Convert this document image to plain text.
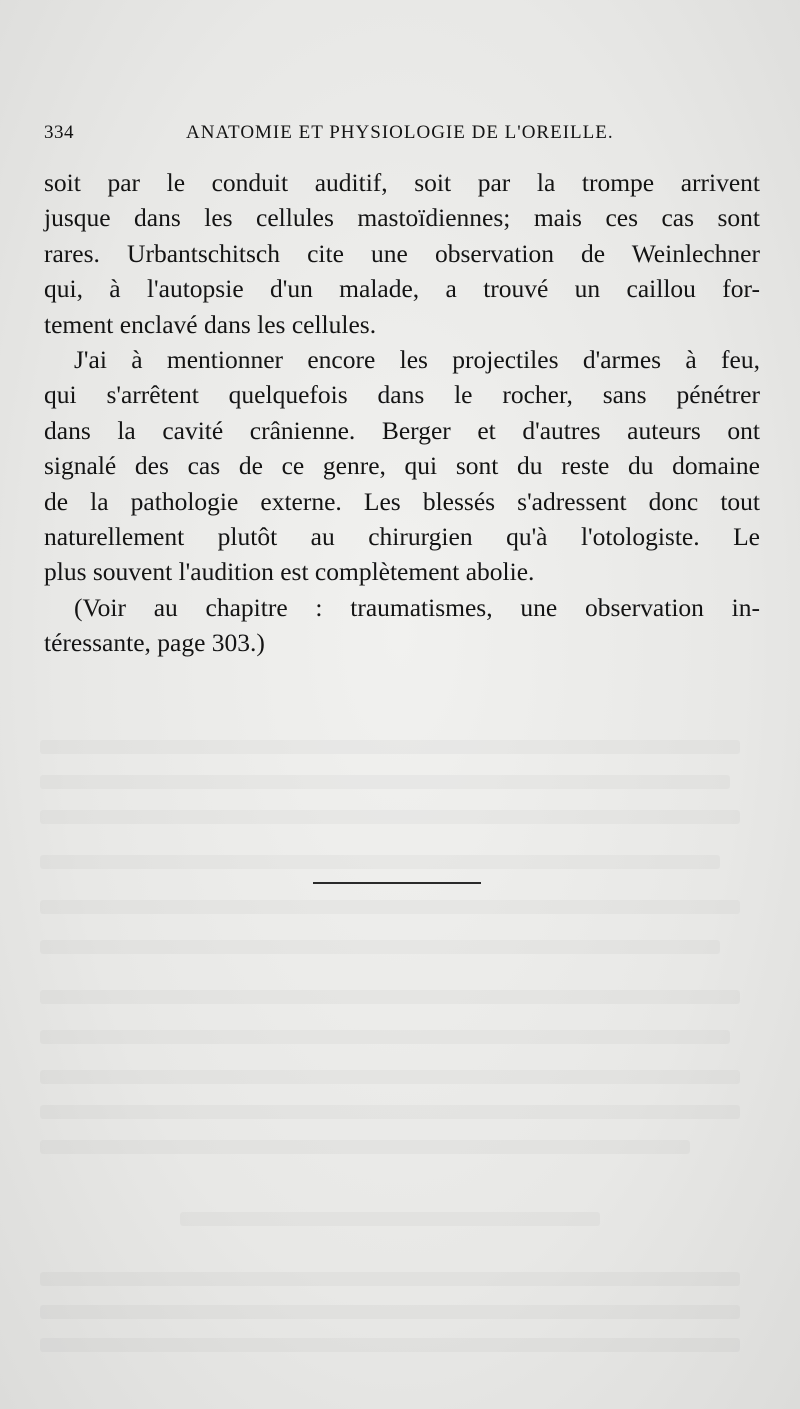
334	ANATOMIE ET PHYSIOLOGIE DE L'OREILLE.
soit par le conduit auditif, soit par la trompe arrivent
jusque dans les cellules mastoïdiennes; mais ces cas sont
rares. Urbantschitsch cite une observation de Weinlechner
qui, à l'autopsie d'un malade, a trouvé un caillou for-
tement enclavé dans les cellules.
J'ai à mentionner encore les projectiles d'armes à feu,
qui s'arrêtent quelquefois dans le rocher, sans pénétrer
dans la cavité crânienne. Berger et d'autres auteurs ont
signalé des cas de ce genre, qui sont du reste du domaine
de la pathologie externe. Les blessés s'adressent donc tout
naturellement plutôt au chirurgien qu'à l'otologiste. Le
plus souvent l'audition est complètement abolie.
(Voir au chapitre : traumatismes, une observation in-
téressante, page 303.)
